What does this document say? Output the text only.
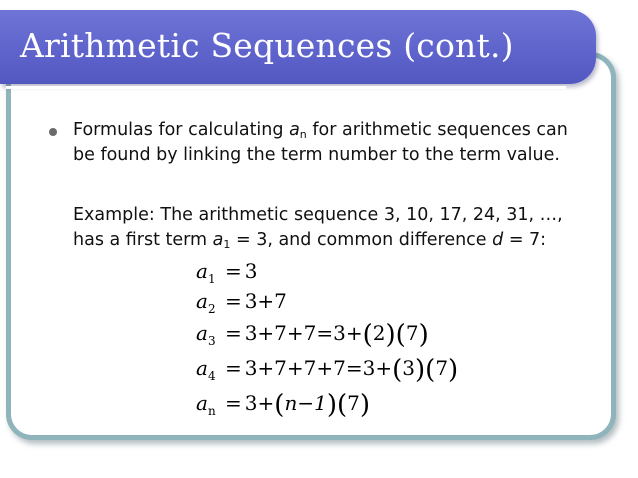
Arithmetic Sequences (cont.)
Formulas for calculating $a_n$ for arithmetic sequences can
be found by linking the term number to the term value.
Example: The arithmetic sequence 3, 10, 17, 24, 31, …,
has a first term $a_1 = 3$, and common difference d = 7:
$a_1 = 3$
$a_2 = 3+7$
$a_3 = 3+7+7=3+(2)(7)$
$a_4 = 3+7+7+7=3+(3)(7)$
$a_n = 3+(n-1)(7)$
